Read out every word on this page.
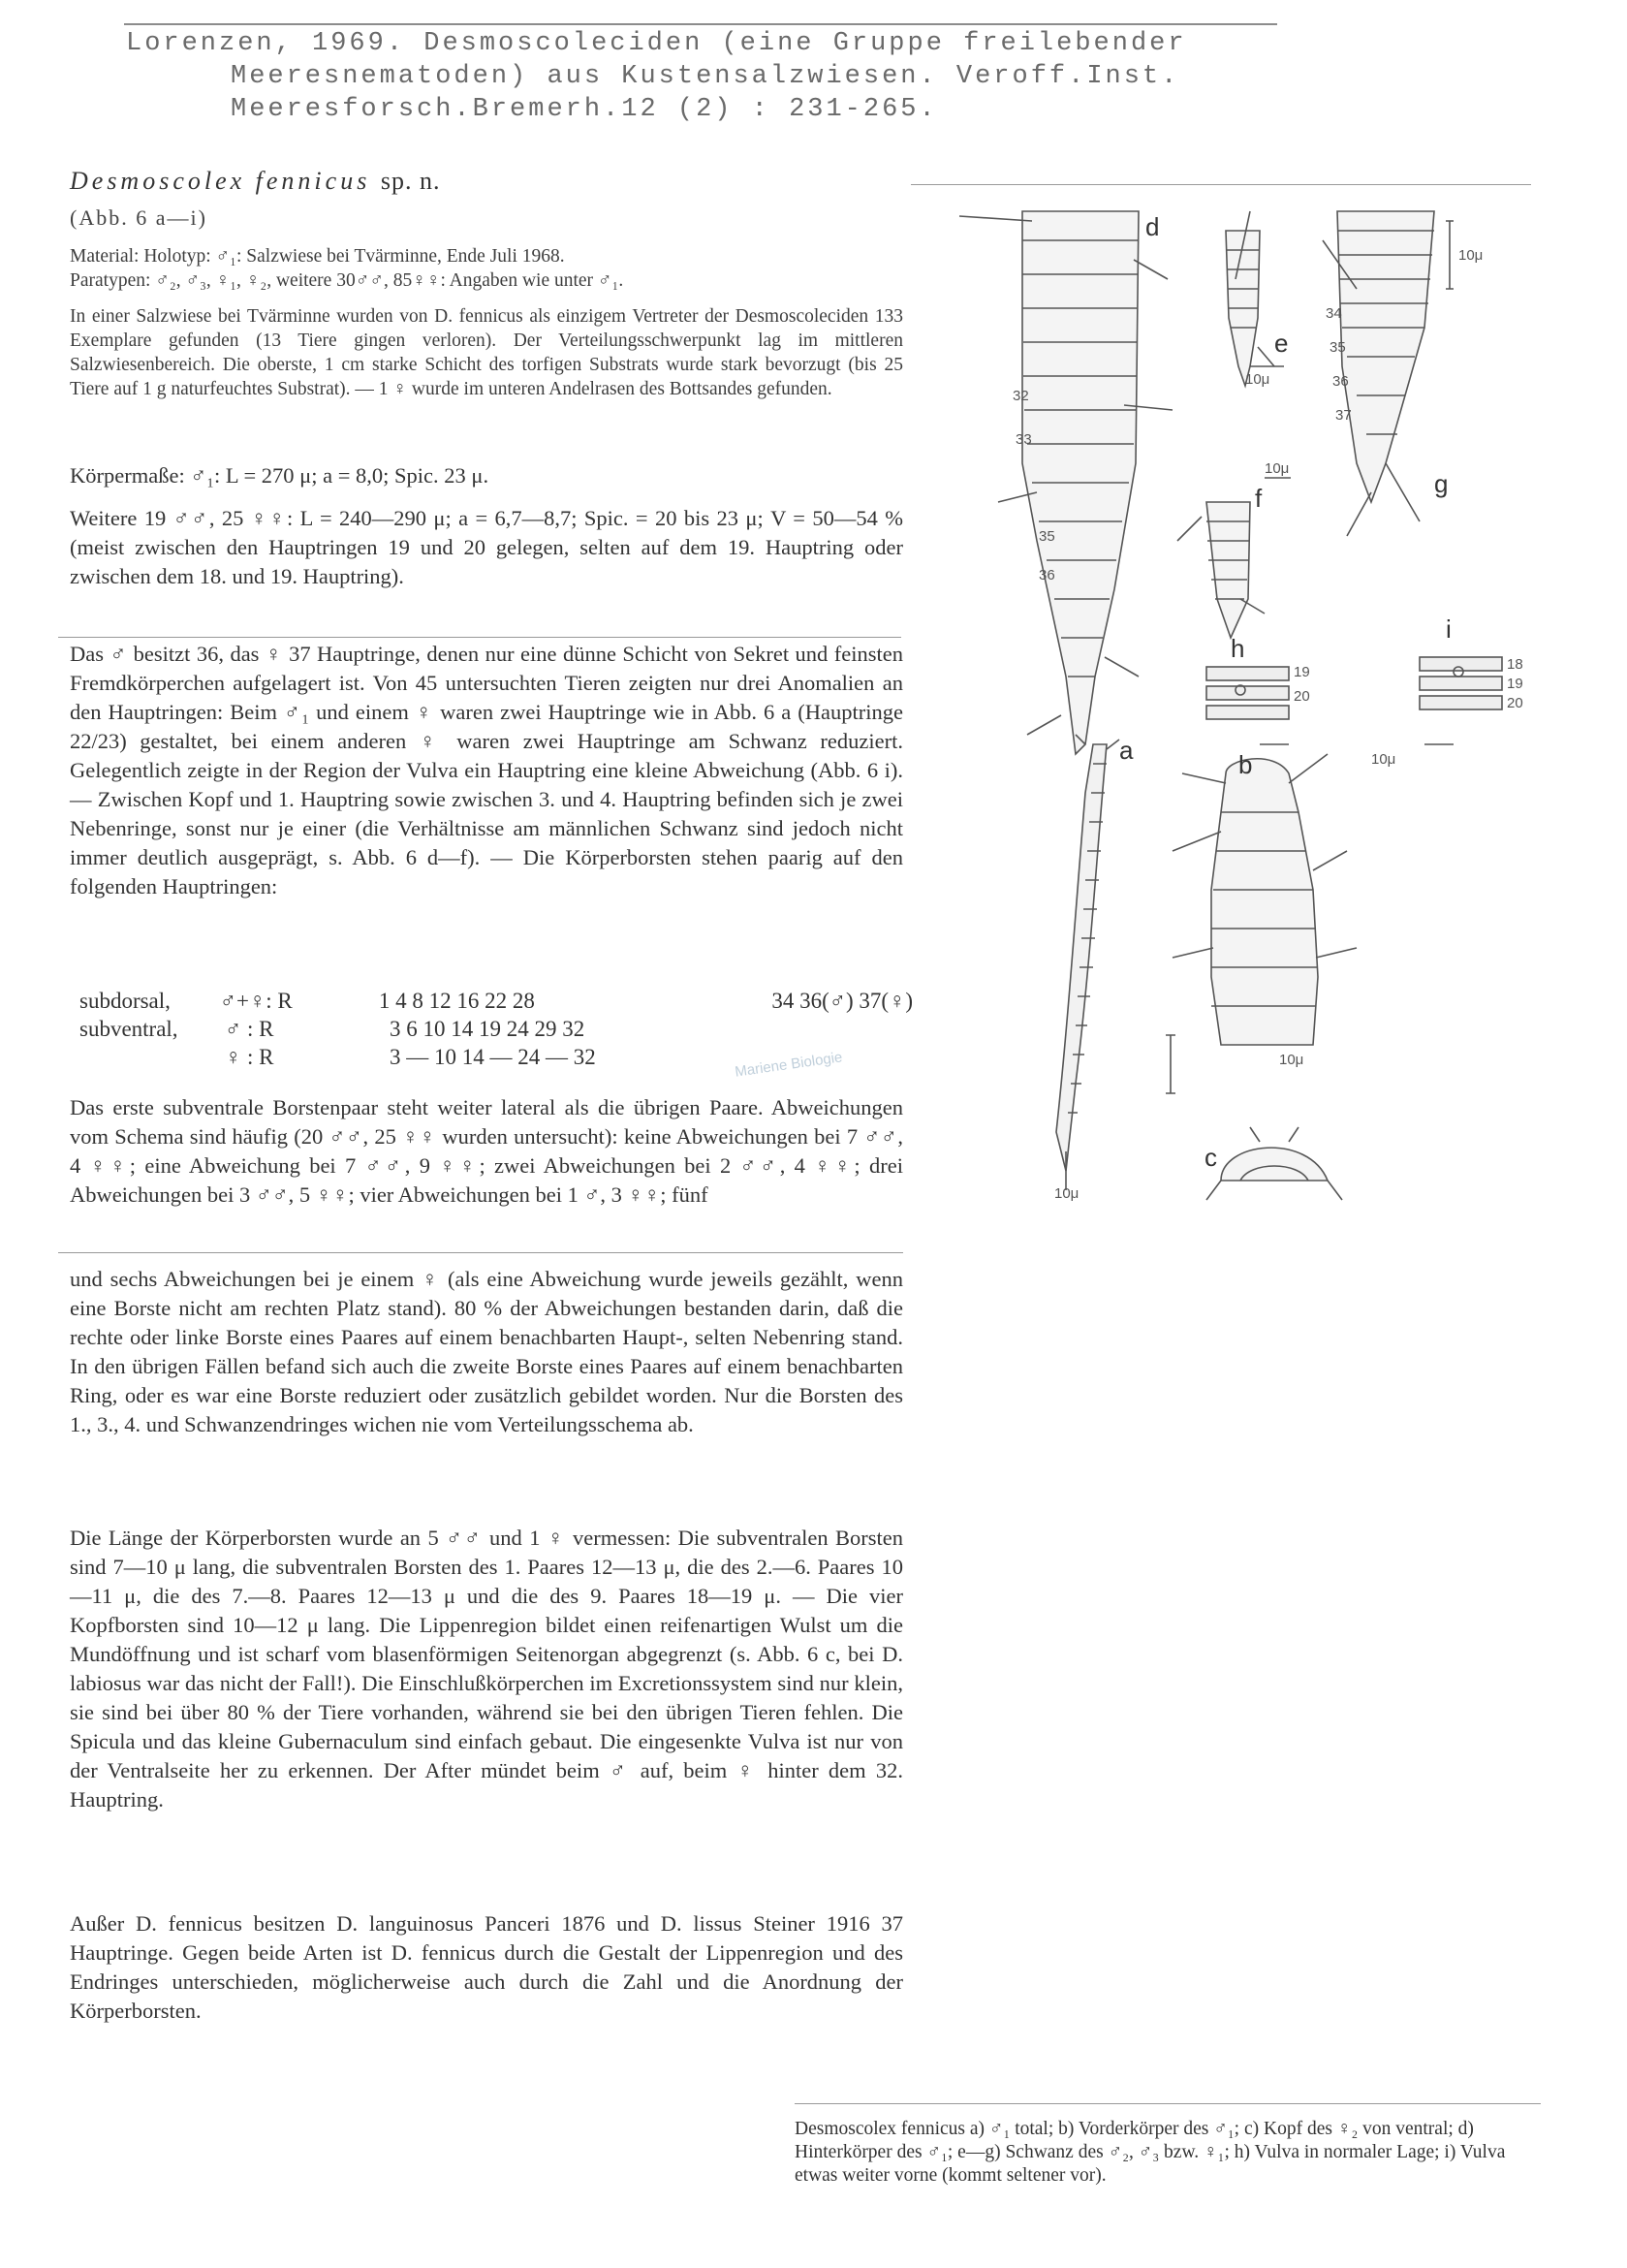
Lorenzen, 1969. Desmoscoleciden (eine Gruppe freilebender
Meeresnematoden) aus Kustensalzwiesen. Veroff.Inst.
Meeresforsch.Bremerh.12 (2) : 231-265.
Desmoscolex fennicus sp. n.
(Abb. 6 a—i)
Material: Holotyp: ♂₁: Salzwiese bei Tvärminne, Ende Juli 1968.
Paratypen: ♂₂, ♂₃, ♀₁, ♀₂, weitere 30♂♂, 85♀♀: Angaben wie unter ♂₁.

In einer Salzwiese bei Tvärminne wurden von D. fennicus als einzigem Vertreter der Desmoscoleciden 133 Exemplare gefunden (13 Tiere gingen verloren). Der Verteilungsschwerpunkt lag im mittleren Salzwiesenbereich. Die oberste, 1 cm starke Schicht des torfigen Substrats wurde stark bevorzugt (bis 25 Tiere auf 1 g naturfeuchtes Substrat). — 1 ♀ wurde im unteren Andelrasen des Bottsandes gefunden.

Körpermaße: ♂₁: L = 270 μ; a = 8,0; Spic. 23 μ.

Weitere 19 ♂♂, 25 ♀♀: L = 240—290 μ; a = 6,7—8,7; Spic. = 20 bis 23 μ; V = 50—54 % (meist zwischen den Hauptringen 19 und 20 gelegen, selten auf dem 19. Hauptring oder zwischen dem 18. und 19. Hauptring).

Das ♂ besitzt 36, das ♀ 37 Hauptringe, denen nur eine dünne Schicht von Sekret und feinsten Fremdkörperchen aufgelagert ist. Von 45 untersuchten Tieren zeigten nur drei Anomalien an den Hauptringen: Beim ♂₁ und einem ♀ waren zwei Hauptringe wie in Abb. 6 a (Hauptringe 22/23) gestaltet, bei einem anderen ♀ waren zwei Hauptringe am Schwanz reduziert. Gelegentlich zeigte in der Region der Vulva ein Hauptring eine kleine Abweichung (Abb. 6 i). — Zwischen Kopf und 1. Hauptring sowie zwischen 3. und 4. Hauptring befinden sich je zwei Nebenringe, sonst nur je einer (die Verhältnisse am männlichen Schwanz sind jedoch nicht immer deutlich ausgeprägt, s. Abb. 6 d—f). — Die Körperborsten stehen paarig auf den folgenden Hauptringen:

subdorsal,	♂+♀: R	1 4 8 12 16 22 28	34 36(♂) 37(♀)
subventral,	♂ : R	3 6 10 14 19 24 29 32
♀ : R	3 — 10 14 — 24 — 32

Das erste subventrale Borstenpaar steht weiter lateral als die übrigen Paare. Abweichungen vom Schema sind häufig (20 ♂♂, 25 ♀♀ wurden untersucht): keine Abweichungen bei 7 ♂♂, 4 ♀♀; eine Abweichung bei 7 ♂♂, 9 ♀♀; zwei Abweichungen bei 2 ♂♂, 4 ♀♀; drei Abweichungen bei 3 ♂♂, 5 ♀♀; vier Abweichungen bei 1 ♂, 3 ♀♀; fünf

und sechs Abweichungen bei je einem ♀ (als eine Abweichung wurde jeweils gezählt, wenn eine Borste nicht am rechten Platz stand). 80 % der Abweichungen bestanden darin, daß die rechte oder linke Borste eines Paares auf einem benachbarten Haupt-, selten Nebenring stand. In den übrigen Fällen befand sich auch die zweite Borste eines Paares auf einem benachbarten Ring, oder es war eine Borste reduziert oder zusätzlich gebildet worden. Nur die Borsten des 1., 3., 4. und Schwanzendringes wichen nie vom Verteilungsschema ab.

Die Länge der Körperborsten wurde an 5 ♂♂ und 1 ♀ vermessen: Die subventralen Borsten sind 7—10 μ lang, die subventralen Borsten des 1. Paares 12—13 μ, die des 2.—6. Paares 10—11 μ, die des 7.—8. Paares 12—13 μ und die des 9. Paares 18—19 μ. — Die vier Kopfborsten sind 10—12 μ lang. Die Lippenregion bildet einen reifenartigen Wulst um die Mundöffnung und ist scharf vom blasenförmigen Seitenorgan abgegrenzt (s. Abb. 6 c, bei D. labiosus war das nicht der Fall!). Die Einschlußkörperchen im Excretionssystem sind nur klein, sie sind bei über 80 % der Tiere vorhanden, während sie bei den übrigen Tieren fehlen. Die Spicula und das kleine Gubernaculum sind einfach gebaut. Die eingesenkte Vulva ist nur von der Ventralseite her zu erkennen. Der After mündet beim ♂ auf, beim ♀ hinter dem 32. Hauptring.

Außer D. fennicus besitzen D. languinosus Panceri 1876 und D. lissus Steiner 1916 37 Hauptringe. Gegen beide Arten ist D. fennicus durch die Gestalt der Lippenregion und des Endringes unterschieden, möglicherweise auch durch die Zahl und die Anordnung der Körperborsten.

Mariene Biologie
d
e
g
f
h
i
a	b
c
10μ
10μ
10μ
10μ
10μ
10μ
32
33
34
35
36
37
35
36
19
20
18
19
20
Desmoscolex fennicus a) ♂₁ total; b) Vorderkörper des ♂₁; c) Kopf des ♀₂ von ventral; d) Hinterkörper des ♂₁; e—g) Schwanz des ♂₂, ♂₃ bzw. ♀₁; h) Vulva in normaler Lage; i) Vulva etwas weiter vorne (kommt seltener vor).
